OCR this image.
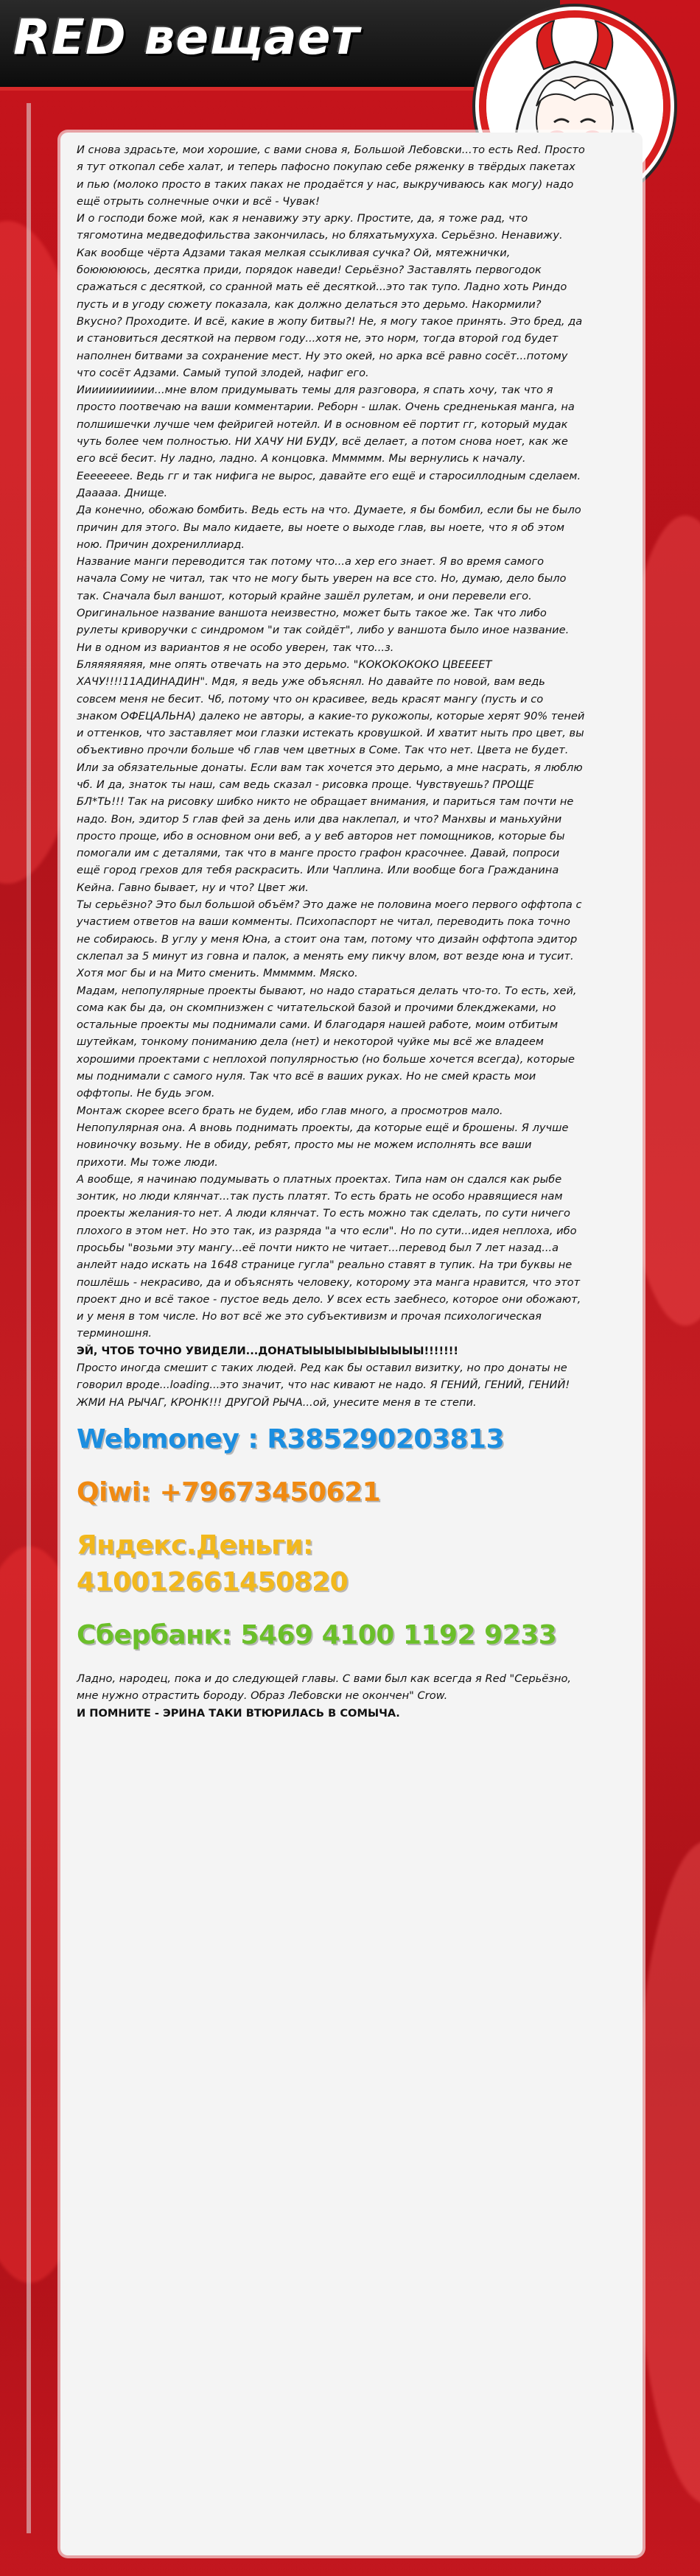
RED вещает

И снова здрасьте, мои хорошие, с вами снова я, Большой Лебовски...то есть Red. Просто я тут откопал себе халат, и теперь пафосно покупаю себе ряженку в твёрдых пакетах и пью (молоко просто в таких паках не продаётся у нас, выкручиваюсь как могу) надо ещё отрыть солнечные очки и всё - Чувак!

И о господи боже мой, как я ненавижу эту арку. Простите, да, я тоже рад, что тягомотина медведофильства закончилась, но бляхатьмухуха. Серьёзно. Ненавижу. Как вообще чёрта Адзами такая мелкая ссыкливая сучка? Ой, мятежнички, боюююююсь, десятка приди, порядок наведи! Серьёзно? Заставлять первогодок сражаться с десяткой, со сранной мать её десяткой...это так тупо. Ладно хоть Риндо пусть и в угоду сюжету показала, как должно делаться это дерьмо. Накормили? Вкусно? Проходите. И всё, какие в жопу битвы?! Не, я могу такое принять. Это бред, да и становиться десяткой на первом году...хотя не, это норм, тогда второй год будет наполнен битвами за сохранение мест. Ну это окей, но арка всё равно сосёт...потому что сосёт Адзами. Самый тупой злодей, нафиг его.

Иииииииииии...мне влом придумывать темы для разговора, я спать хочу, так что я просто поотвечаю на ваши комментарии. Реборн - шлак. Очень средненькая манга, на полшишечки лучше чем фейригей нотейл. И в основном её портит гг, который мудак чуть более чем полностью. НИ ХАЧУ НИ БУДУ, всё делает, а потом снова ноет, как же его всё бесит. Ну ладно, ладно. А концовка. Мммммм. Мы вернулись к началу. Ееееееее. Ведь гг и так нифига не вырос, давайте его ещё и старосиллодным сделаем. Дааааа. Днище.

Да конечно, обожаю бомбить. Ведь есть на что. Думаете, я бы бомбил, если бы не было причин для этого. Вы мало кидаете, вы ноете о выходе глав, вы ноете, что я об этом ною. Причин дохрениллиард.

Название манги переводится так потому что...а хер его знает. Я во время самого начала Сому не читал, так что не могу быть уверен на все сто. Но, думаю, дело было так. Сначала был ваншот, который крайне зашёл рулетам, и они перевели его. Оригинальное название ваншота неизвестно, может быть такое же. Так что либо рулеты криворучки с синдромом "и так сойдёт", либо у ваншота было иное название. Ни в одном из вариантов я не особо уверен, так что...з.

Бляяяяяяяя, мне опять отвечать на это дерьмо. "КОКОКОКОКО ЦВЕЕЕЕТ ХАЧУ!!!!11АДИНАДИН". Мдя, я ведь уже объяснял. Но давайте по новой, вам ведь совсем меня не бесит. Чб, потому что он красивее, ведь красят мангу (пусть и со знаком ОФЕЦАЛЬНА) далеко не авторы, а какие-то рукожопы, которые херят 90% теней и оттенков, что заставляет мои глазки истекать кровушкой. И хватит ныть про цвет, вы объективно прочли больше чб глав чем цветных в Соме. Так что нет. Цвета не будет. Или за обязательные донаты. Если вам так хочется это дерьмо, а мне насрать, я люблю чб. И да, знаток ты наш, сам ведь сказал - рисовка проще. Чувствуешь? ПРОЩЕ БЛ*ТЬ!!! Так на рисовку шибко никто не обращает внимания, и париться там почти не надо. Вон, эдитор 5 глав фей за день или два наклепал, и что? Манхвы и маньхуйни просто проще, ибо в основном они веб, а у веб авторов нет помощников, которые бы помогали им с деталями, так что в манге просто графон красочнее. Давай, попроси ещё город грехов для тебя раскрасить. Или Чаплина. Или вообще богa Гражданина Кейна. Гавно бывает, ну и что? Цвет жи.

Ты серьёзно? Это был большой объём? Это даже не половина моего первого оффтопа с участием ответов на ваши комменты. Психопаспорт не читал, переводить пока точно не собираюсь. В углу у меня Юна, а стоит она там, потому что дизайн оффтопа эдитор склепал за 5 минут из говна и палок, а менять ему пикчу влом, вот везде юна и тусит. Хотя мог бы и на Мито сменить. Мммммм. Мяско.

Мадам, непопулярные проекты бывают, но надо стараться делать что-то. То есть, хей, сома как бы да, он скомпнизжен с читательской базой и прочими блекджеками, но остальные проекты мы поднимали сами. И благодаря нашей работе, моим отбитым шутейкам, тонкому пониманию дела (нет) и некоторой чуйке мы всё же владеем хорошими проектами с неплохой популярностью (но больше хочется всегда), которые мы поднимали с самого нуля. Так что всё в ваших руках. Но не смей красть мои оффтопы. Не будь эгом.

Монтаж скорее всего брать не будем, ибо глав много, а просмотров мало. Непопулярная она. А вновь поднимать проекты, да которые ещё и брошены. Я лучше новиночку возьму. Не в обиду, ребят, просто мы не можем исполнять все ваши прихоти. Мы тоже люди.

А вообще, я начинаю подумывать о платных проектах. Типа нам он сдался как рыбе зонтик, но люди клянчат...так пусть платят. То есть брать не особо нравящиеся нам проекты желания-то нет. А люди клянчат. То есть можно так сделать, по сути ничего плохого в этом нет. Но это так, из разряда "а что если". Но по сути...идея неплоха, ибо просьбы "возьми эту мангу...её почти никто не читает...перевод был 7 лет назад...а анлейт надо искать на 1648 странице гугла" реально ставят в тупик. На три буквы не пошлёшь - некрасиво, да и объяснять человеку, которому эта манга нравится, что этот проект дно и всё такое - пустое ведь дело. У всех есть заебнесо, которое они обожают, и у меня в том числе. Но вот всё же это субъективизм и прочая психологическая терминошня.

ЭЙ, ЧТОБ ТОЧНО УВИДЕЛИ...ДОНАТЫЫЫЫЫЫЫЫЫЫЫ!!!!!!!

Просто иногда смешит с таких людей. Ред как бы оставил визитку, но про донаты не говорил вроде...loading...это значит, что нас кивают не надо. Я ГЕНИЙ, ГЕНИЙ, ГЕНИЙ! ЖМИ НА РЫЧАГ, КРОНК!!! ДРУГОЙ РЫЧА...ой, унесите меня в те степи.

Webmoney : R385290203813
Qiwi: +79673450621
Яндекс.Деньги: 410012661450820
Сбербанк: 5469 4100 1192 9233

Ладно, народец, пока и до следующей главы. С вами был как всегда я Red "Серьёзно, мне нужно отрастить бороду. Образ Лебовски не окончен" Crow.

И ПОМНИТЕ - ЭРИНА ТАКИ ВТЮРИЛАСЬ В СОМЫЧА.
